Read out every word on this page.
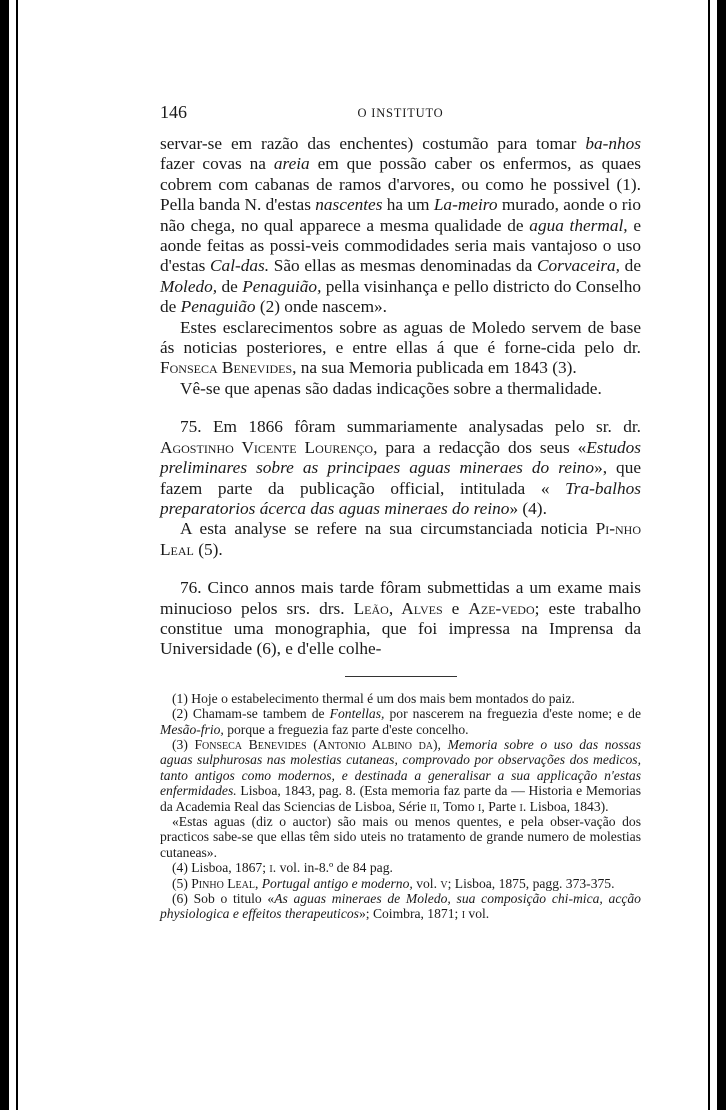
146	O INSTITUTO

servar-se em razão das enchentes) costumão para tomar ba-nhos fazer covas na areia em que possão caber os enfermos, as quaes cobrem com cabanas de ramos d'arvores, ou como he possivel (1). Pella banda N. d'estas nascentes ha um La-meiro murado, aonde o rio não chega, no qual apparece a mesma qualidade de agua thermal, e aonde feitas as possi-veis commodidades seria mais vantajoso o uso d'estas Cal-das. São ellas as mesmas denominadas da Corvaceira, de Moledo, de Penaguião, pella visinhança e pello districto do Conselho de Penaguião (2) onde nascem».

Estes esclarecimentos sobre as aguas de Moledo servem de base ás noticias posteriores, e entre ellas á que é forne-cida pelo dr. Fonseca Benevides, na sua Memoria publicada em 1843 (3).

Vê-se que apenas são dadas indicações sobre a thermalidade.

75. Em 1866 fôram summariamente analysadas pelo sr. dr. Agostinho Vicente Lourenço, para a redacção dos seus «Estudos preliminares sobre as principaes aguas mineraes do reino», que fazem parte da publicação official, intitulada « Tra-balhos preparatorios ácerca das aguas mineraes do reino» (4).

A esta analyse se refere na sua circumstanciada noticia Pi-nho Leal (5).

76. Cinco annos mais tarde fôram submettidas a um exame mais minucioso pelos srs. drs. Leão, Alves e Aze-vedo; este trabalho constitue uma monographia, que foi impressa na Imprensa da Universidade (6), e d'elle colhe-

(1) Hoje o estabelecimento thermal é um dos mais bem montados do paiz.

(2) Chamam-se tambem de Fontellas, por nascerem na freguezia d'este nome; e de Mesão-frio, porque a freguezia faz parte d'este concelho.

(3) Fonseca Benevides (Antonio Albino da), Memoria sobre o uso das nossas aguas sulphurosas nas molestias cutaneas, comprovado por observações dos medicos, tanto antigos como modernos, e destinada a generalisar a sua applicação n'estas enfermidades. Lisboa, 1843, pag. 8. (Esta memoria faz parte da — Historia e Memorias da Academia Real das Sciencias de Lisboa, Série ii, Tomo i, Parte i. Lisboa, 1843).

«Estas aguas (diz o auctor) são mais ou menos quentes, e pela obser-vação dos practicos sabe-se que ellas têm sido uteis no tratamento de grande numero de molestias cutaneas».

(4) Lisboa, 1867; i. vol. in-8.º de 84 pag.

(5) Pinho Leal, Portugal antigo e moderno, vol. v; Lisboa, 1875, pagg. 373-375.

(6) Sob o titulo «As aguas mineraes de Moledo, sua composição chi-mica, acção physiologica e effeitos therapeuticos»; Coimbra, 1871; i vol.
